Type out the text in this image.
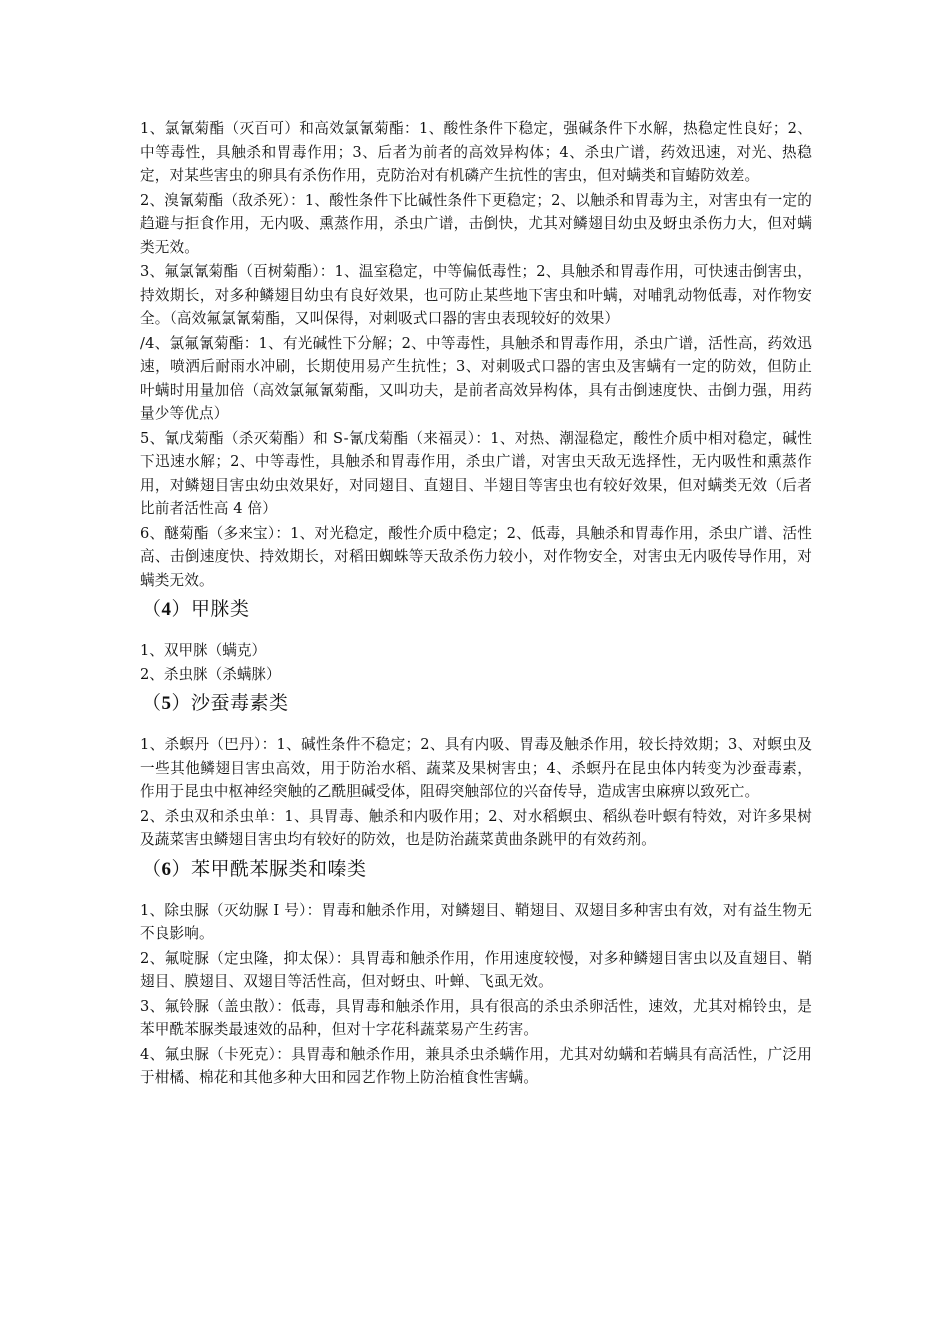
1、氯氰菊酯（灭百可）和高效氯氰菊酯：1、酸性条件下稳定，强碱条件下水解，热稳定性良好；2、中等毒性，具触杀和胃毒作用；3、后者为前者的高效异构体；4、杀虫广谱，药效迅速，对光、热稳定，对某些害虫的卵具有杀伤作用，克防治对有机磷产生抗性的害虫，但对螨类和盲蝽防效差。

2、溴氰菊酯（敌杀死）：1、酸性条件下比碱性条件下更稳定；2、以触杀和胃毒为主，对害虫有一定的趋避与拒食作用，无内吸、熏蒸作用，杀虫广谱，击倒快，尤其对鳞翅目幼虫及蚜虫杀伤力大，但对螨类无效。

3、氟氯氰菊酯（百树菊酯）：1、温室稳定，中等偏低毒性；2、具触杀和胃毒作用，可快速击倒害虫，持效期长，对多种鳞翅目幼虫有良好效果，也可防止某些地下害虫和叶螨，对哺乳动物低毒，对作物安全。（高效氟氯氰菊酯，又叫保得，对刺吸式口器的害虫表现较好的效果）

/4、氯氟氰菊酯：1、有光碱性下分解；2、中等毒性，具触杀和胃毒作用，杀虫广谱，活性高，药效迅速，喷洒后耐雨水冲刷，长期使用易产生抗性；3、对刺吸式口器的害虫及害螨有一定的防效，但防止叶螨时用量加倍（高效氯氟氰菊酯，又叫功夫，是前者高效异构体，具有击倒速度快、击倒力强，用药量少等优点）

5、氰戊菊酯（杀灭菊酯）和 S-氰戊菊酯（来福灵）：1、对热、潮湿稳定，酸性介质中相对稳定，碱性下迅速水解；2、中等毒性，具触杀和胃毒作用，杀虫广谱，对害虫天敌无选择性，无内吸性和熏蒸作用，对鳞翅目害虫幼虫效果好，对同翅目、直翅目、半翅目等害虫也有较好效果，但对螨类无效（后者比前者活性高 4 倍）

6、醚菊酯（多来宝）：1、对光稳定，酸性介质中稳定；2、低毒，具触杀和胃毒作用，杀虫广谱、活性高、击倒速度快、持效期长，对稻田蜘蛛等天敌杀伤力较小，对作物安全，对害虫无内吸传导作用，对螨类无效。

（4）甲脒类

1、双甲脒（螨克）

2、杀虫脒（杀螨脒）

（5）沙蚕毒素类

1、杀螟丹（巴丹）：1、碱性条件不稳定；2、具有内吸、胃毒及触杀作用，较长持效期；3、对螟虫及一些其他鳞翅目害虫高效，用于防治水稻、蔬菜及果树害虫；4、杀螟丹在昆虫体内转变为沙蚕毒素，作用于昆虫中枢神经突触的乙酰胆碱受体，阻碍突触部位的兴奋传导，造成害虫麻痹以致死亡。

2、杀虫双和杀虫单：1、具胃毒、触杀和内吸作用；2、对水稻螟虫、稻纵卷叶螟有特效，对许多果树及蔬菜害虫鳞翅目害虫均有较好的防效，也是防治蔬菜黄曲条跳甲的有效药剂。

（6）苯甲酰苯脲类和嗪类

1、除虫脲（灭幼脲 I 号）：胃毒和触杀作用，对鳞翅目、鞘翅目、双翅目多种害虫有效，对有益生物无不良影响。

2、氟啶脲（定虫隆，抑太保）：具胃毒和触杀作用，作用速度较慢，对多种鳞翅目害虫以及直翅目、鞘翅目、膜翅目、双翅目等活性高，但对蚜虫、叶蝉、飞虱无效。

3、氟铃脲（盖虫散）：低毒，具胃毒和触杀作用，具有很高的杀虫杀卵活性，速效，尤其对棉铃虫，是苯甲酰苯脲类最速效的品种，但对十字花科蔬菜易产生药害。

4、氟虫脲（卡死克）：具胃毒和触杀作用，兼具杀虫杀螨作用，尤其对幼螨和若螨具有高活性，广泛用于柑橘、棉花和其他多种大田和园艺作物上防治植食性害螨。
